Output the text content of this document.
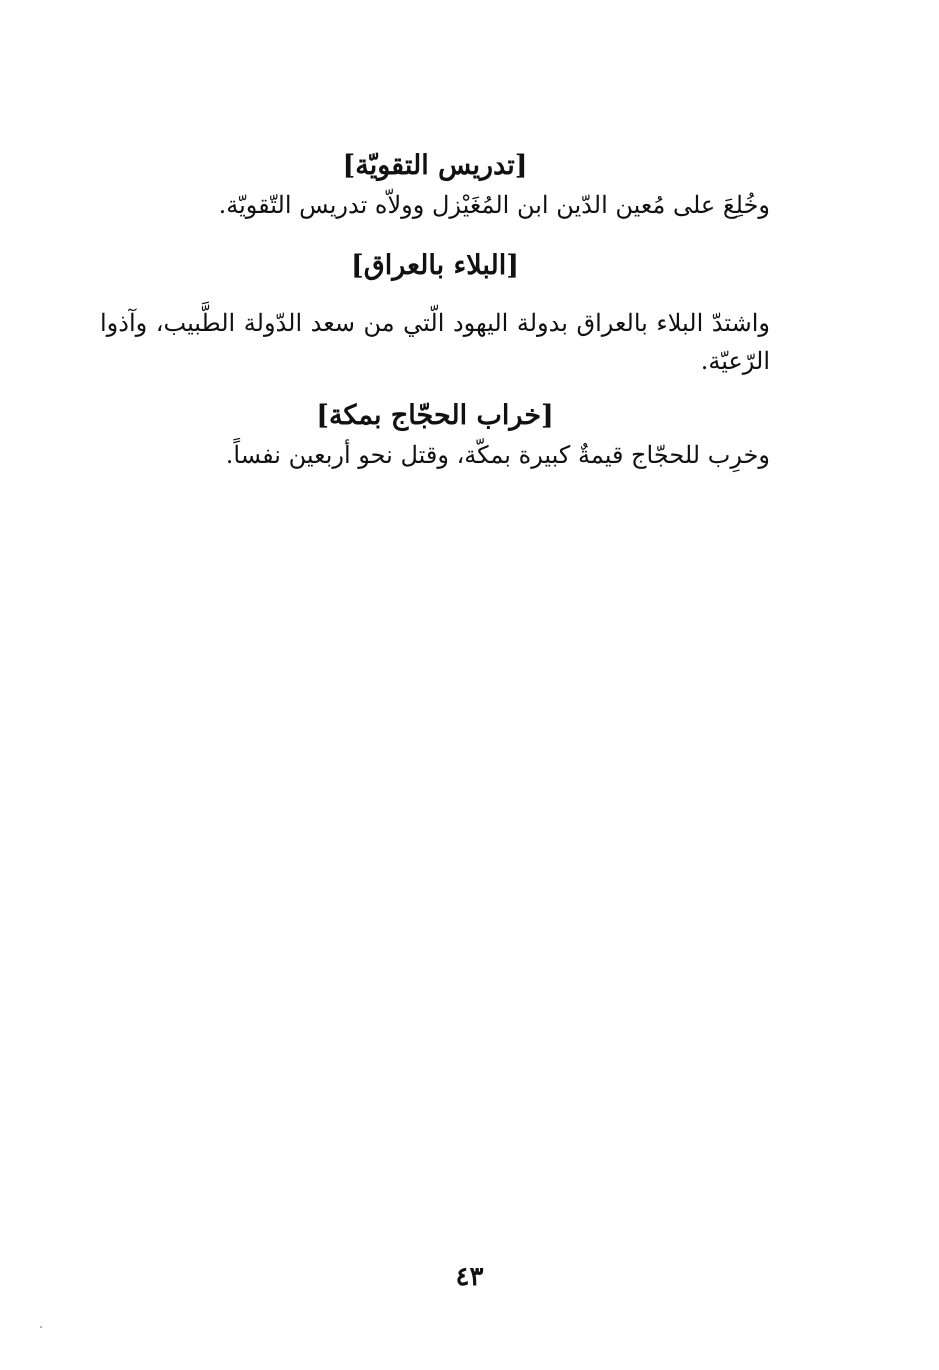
[تدريس التقويّة]

وخُلِعَ على مُعين الدّين ابن المُغَيْزل وولاّه تدريس التّقويّة.

[البلاء بالعراق]

واشتدّ البلاء بالعراق بدولة اليهود الّتي من سعد الدّولة الطَّبيب، وآذوا الرّعيّة.

[خراب الحجّاج بمكة]

وخرِب للحجّاج قيمةٌ كبيرة بمكّة، وقتل نحو أربعين نفساً.

٤٣
